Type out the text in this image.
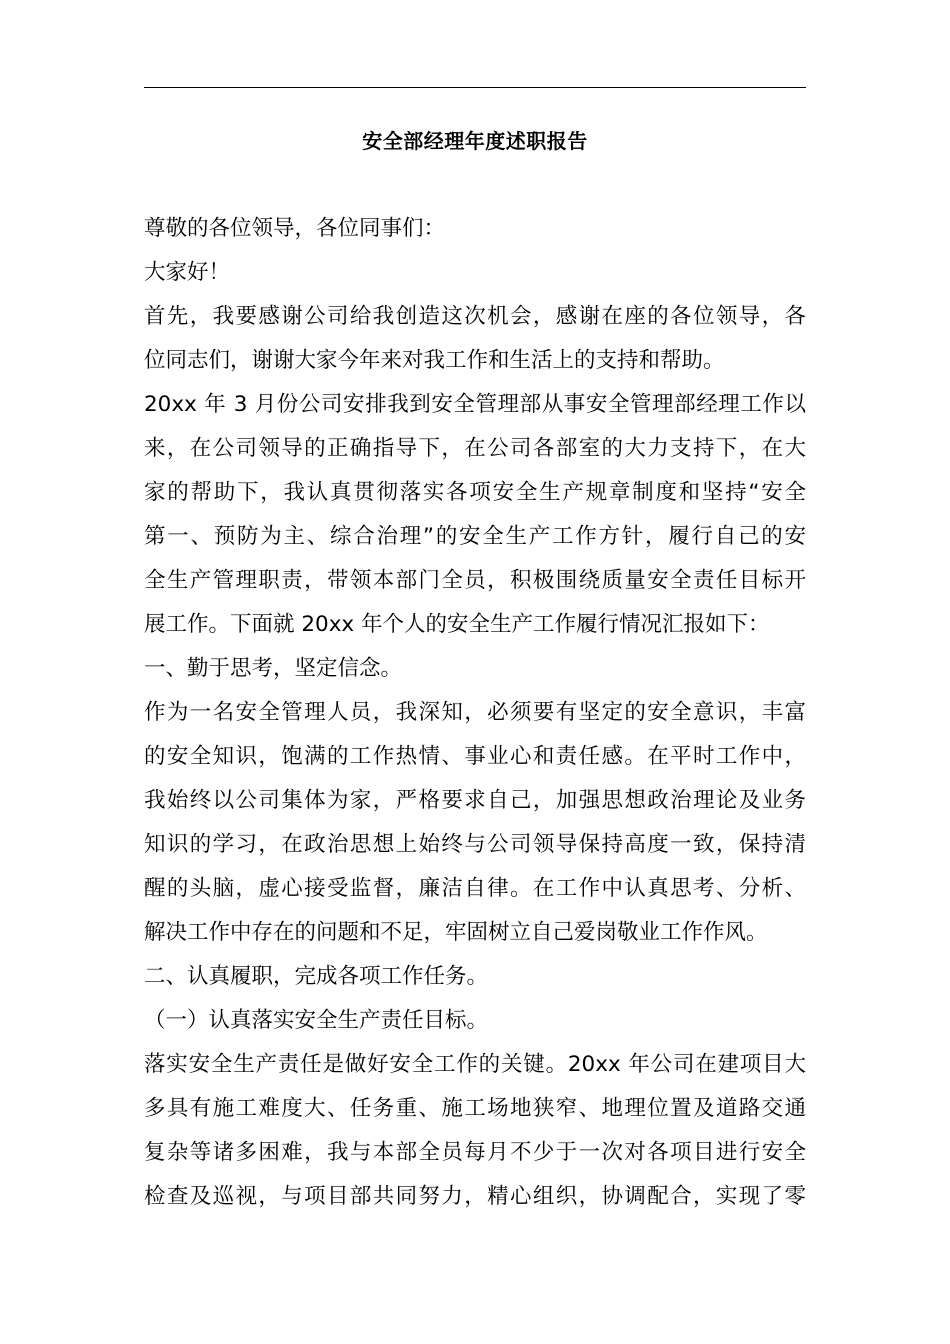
安全部经理年度述职报告
尊敬的各位领导，各位同事们：
大家好！
首先，我要感谢公司给我创造这次机会，感谢在座的各位领导，各
位同志们，谢谢大家今年来对我工作和生活上的支持和帮助。
20xx 年 3 月份公司安排我到安全管理部从事安全管理部经理工作以
来，在公司领导的正确指导下，在公司各部室的大力支持下，在大
家的帮助下，我认真贯彻落实各项安全生产规章制度和坚持“安全
第一、预防为主、综合治理”的安全生产工作方针，履行自己的安
全生产管理职责，带领本部门全员，积极围绕质量安全责任目标开
展工作。下面就 20xx 年个人的安全生产工作履行情况汇报如下：
一、勤于思考，坚定信念。
作为一名安全管理人员，我深知，必须要有坚定的安全意识，丰富
的安全知识，饱满的工作热情、事业心和责任感。在平时工作中，
我始终以公司集体为家，严格要求自己，加强思想政治理论及业务
知识的学习，在政治思想上始终与公司领导保持高度一致，保持清
醒的头脑，虚心接受监督，廉洁自律。在工作中认真思考、分析、
解决工作中存在的问题和不足，牢固树立自己爱岗敬业工作作风。
二、认真履职，完成各项工作任务。
（一）认真落实安全生产责任目标。
落实安全生产责任是做好安全工作的关键。20xx 年公司在建项目大
多具有施工难度大、任务重、施工场地狭窄、地理位置及道路交通
复杂等诸多困难，我与本部全员每月不少于一次对各项目进行安全
检查及巡视，与项目部共同努力，精心组织，协调配合，实现了零
